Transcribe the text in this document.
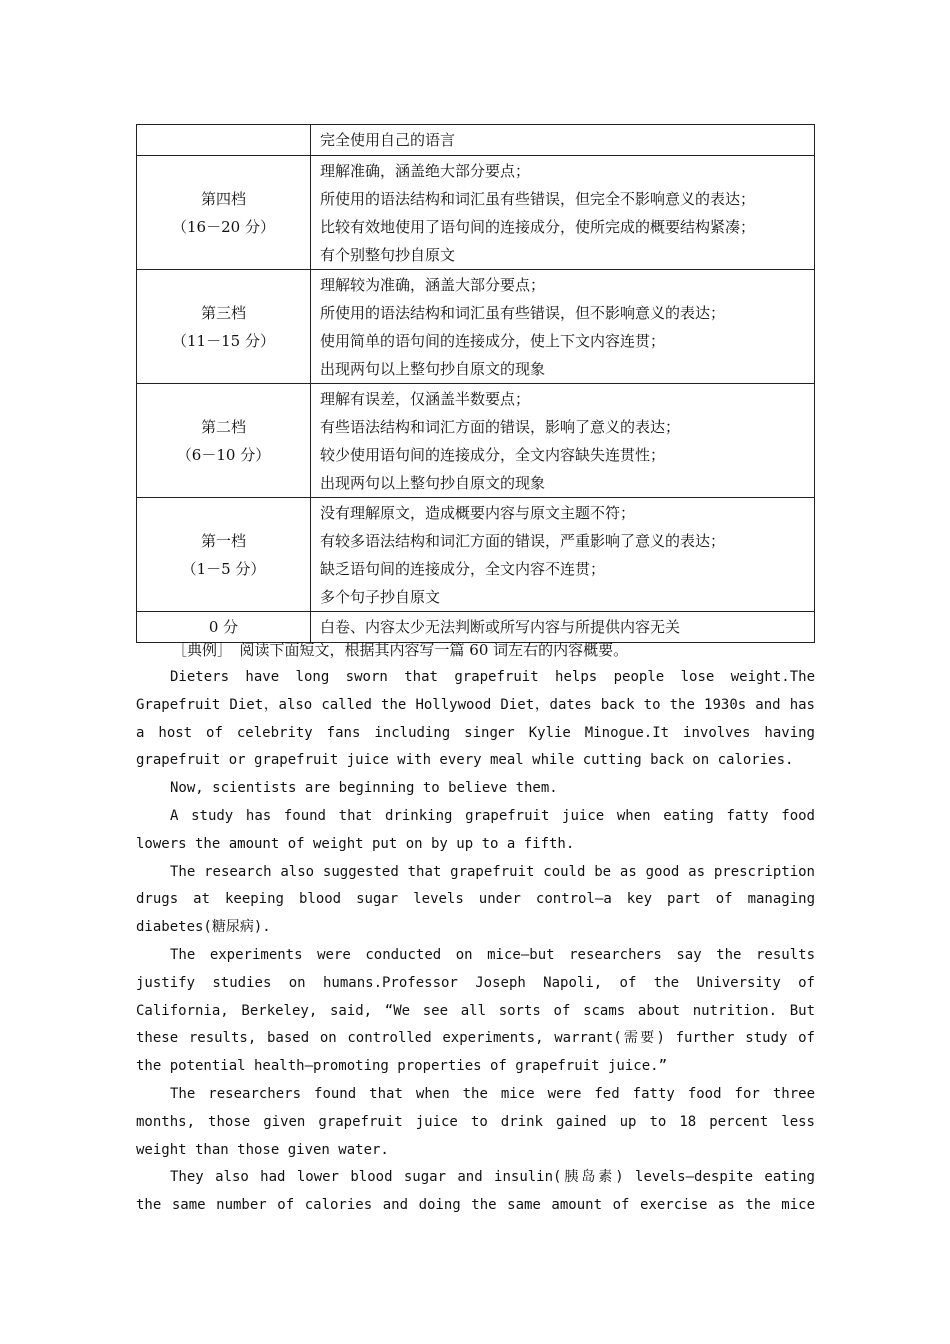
	完全使用自己的语言

第四档
（16－20 分）	理解准确，涵盖绝大部分要点；
所使用的语法结构和词汇虽有些错误，但完全不影响意义的表达；
比较有效地使用了语句间的连接成分，使所完成的概要结构紧凑；
有个别整句抄自原文

第三档
（11－15 分）	理解较为准确，涵盖大部分要点；
所使用的语法结构和词汇虽有些错误，但不影响意义的表达；
使用简单的语句间的连接成分，使上下文内容连贯；
出现两句以上整句抄自原文的现象

第二档
（6－10 分）	理解有误差，仅涵盖半数要点；
有些语法结构和词汇方面的错误，影响了意义的表达；
较少使用语句间的连接成分，全文内容缺失连贯性；
出现两句以上整句抄自原文的现象

第一档
（1－5 分）	没有理解原文，造成概要内容与原文主题不符；
有较多语法结构和词汇方面的错误，严重影响了意义的表达；
缺乏语句间的连接成分，全文内容不连贯；
多个句子抄自原文

0 分	白卷、内容太少无法判断或所写内容与所提供内容无关

［典例］　阅读下面短文，根据其内容写一篇 60 词左右的内容概要。

Dieters have long sworn that grapefruit helps people lose weight.The
Grapefruit Diet，also called the Hollywood Diet，dates back to the 1930s and has
a host of celebrity fans including singer Kylie Minogue.It involves having
grapefruit or grapefruit juice with every meal while cutting back on calories.

Now, scientists are beginning to believe them.

A study has found that drinking grapefruit juice when eating fatty food
lowers the amount of weight put on by up to a fifth.

The research also suggested that grapefruit could be as good as prescription
drugs at keeping blood sugar levels under control—a key part of managing
diabetes(糖尿病).

The experiments were conducted on mice—but researchers say the results
justify studies on humans.Professor Joseph Napoli, of the University of
California, Berkeley, said, “We see all sorts of scams about nutrition. But
these results, based on controlled experiments, warrant(需要) further study of
the potential health—promoting properties of grapefruit juice.”

The researchers found that when the mice were fed fatty food for three
months, those given grapefruit juice to drink gained up to 18 percent less
weight than those given water.

They also had lower blood sugar and insulin(胰岛素) levels—despite eating
the same number of calories and doing the same amount of exercise as the mice
